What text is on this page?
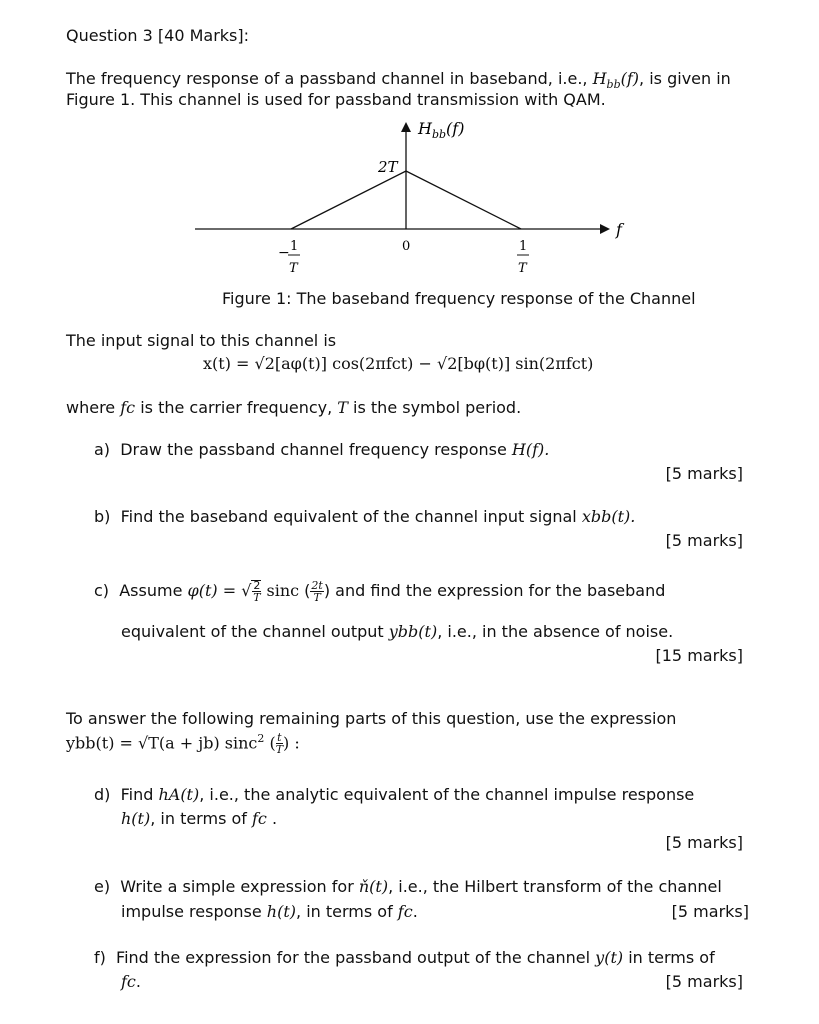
Question 3 [40 Marks]:
The frequency response of a passband channel in baseband, i.e., $H_{bb}(f)$, is given in
Figure 1. This channel is used for passband transmission with QAM.
$H_{bb}(f)$
2T
f
− 1
T
0	1
T
Figure 1: The baseband frequency response of the Channel
The input signal to this channel is
x(t) = √2[aφ(t)] cos(2πfᴄt) − √2[bφ(t)] sin(2πfᴄt)
where fc is the carrier frequency, T is the symbol period.
a) Draw the passband channel frequency response H(f).
[5 marks]
b) Find the baseband equivalent of the channel input signal xbb(t).
[5 marks]
c) Assume φ(t) = √ $\frac{2}{T}$ sinc ( $\frac{2t}{T}$ ) and find the expression for the baseband
equivalent of the channel output ybb(t), i.e., in the absence of noise.
[15 marks]
To answer the following remaining parts of this question, use the expression
ybb(t) = √T(a + jb) sinc$^2$ ( $\frac{t}{T}$ ) :
d) Find hA(t), i.e., the analytic equivalent of the channel impulse response
h(t), in terms of fc .
[5 marks]
e) Write a simple expression for ň(t), i.e., the Hilbert transform of the channel
impulse response h(t), in terms of fc.	[5 marks]
f) Find the expression for the passband output of the channel y(t) in terms of
fc.	[5 marks]
